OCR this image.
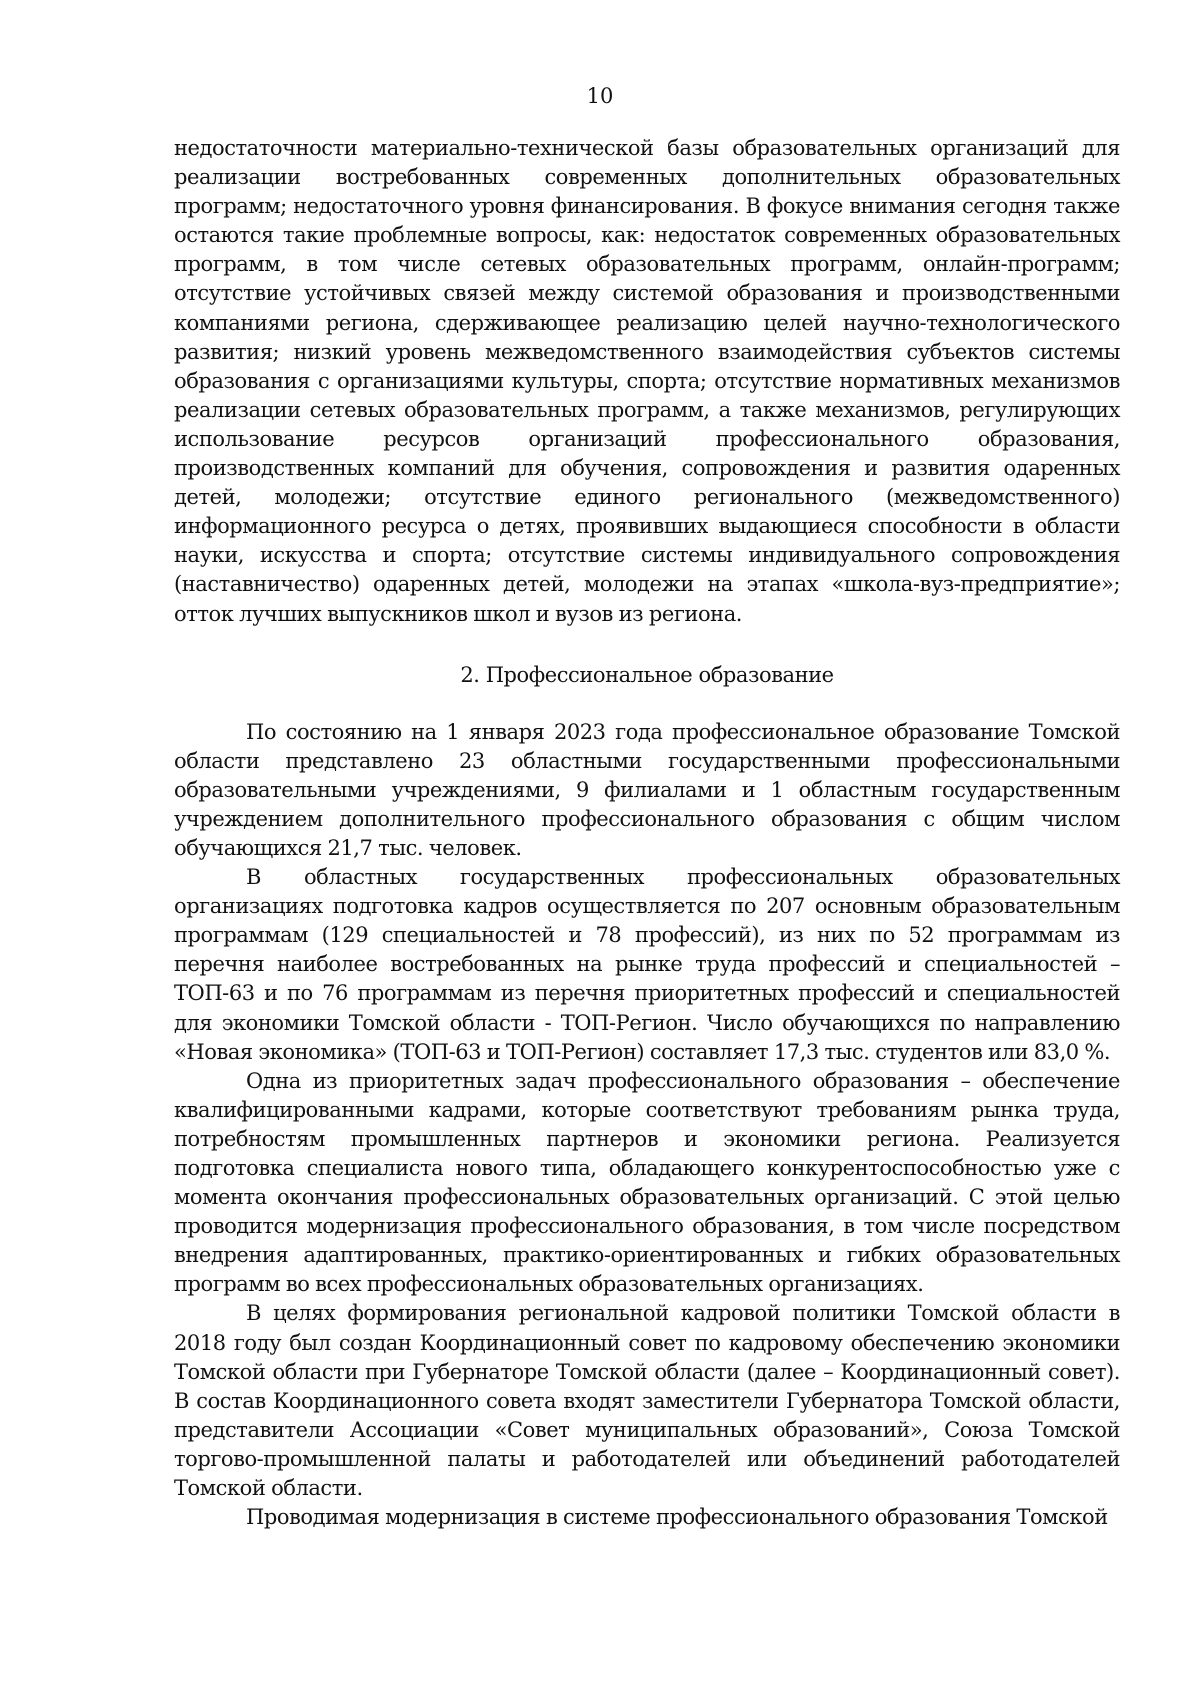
10

недостаточности материально-технической базы образовательных организаций для реализации востребованных современных дополнительных образовательных программ; недостаточного уровня финансирования. В фокусе внимания сегодня также остаются такие проблемные вопросы, как: недостаток современных образовательных программ, в том числе сетевых образовательных программ, онлайн-программ; отсутствие устойчивых связей между системой образования и производственными компаниями региона, сдерживающее реализацию целей научно-технологического развития; низкий уровень межведомственного взаимодействия субъектов системы образования с организациями культуры, спорта; отсутствие нормативных механизмов реализации сетевых образовательных программ, а также механизмов, регулирующих использование ресурсов организаций профессионального образования, производственных компаний для обучения, сопровождения и развития одаренных детей, молодежи; отсутствие единого регионального (межведомственного) информационного ресурса о детях, проявивших выдающиеся способности в области науки, искусства и спорта; отсутствие системы индивидуального сопровождения (наставничество) одаренных детей, молодежи на этапах «школа-вуз-предприятие»; отток лучших выпускников школ и вузов из региона.

2. Профессиональное образование

По состоянию на 1 января 2023 года профессиональное образование Томской области представлено 23 областными государственными профессиональными образовательными учреждениями, 9 филиалами и 1 областным государственным учреждением дополнительного профессионального образования с общим числом обучающихся 21,7 тыс. человек.

В областных государственных профессиональных образовательных организациях подготовка кадров осуществляется по 207 основным образовательным программам (129 специальностей и 78 профессий), из них по 52 программам из перечня наиболее востребованных на рынке труда профессий и специальностей – ТОП-63 и по 76 программам из перечня приоритетных профессий и специальностей для экономики Томской области - ТОП-Регион. Число обучающихся по направлению «Новая экономика» (ТОП-63 и ТОП-Регион) составляет 17,3 тыс. студентов или 83,0 %.

Одна из приоритетных задач профессионального образования – обеспечение квалифицированными кадрами, которые соответствуют требованиям рынка труда, потребностям промышленных партнеров и экономики региона. Реализуется подготовка специалиста нового типа, обладающего конкурентоспособностью уже с момента окончания профессиональных образовательных организаций. С этой целью проводится модернизация профессионального образования, в том числе посредством внедрения адаптированных, практико-ориентированных и гибких образовательных программ во всех профессиональных образовательных организациях.

В целях формирования региональной кадровой политики Томской области в 2018 году был создан Координационный совет по кадровому обеспечению экономики Томской области при Губернаторе Томской области (далее – Координационный совет). В состав Координационного совета входят заместители Губернатора Томской области, представители Ассоциации «Совет муниципальных образований», Союза Томской торгово-промышленной палаты и работодателей или объединений работодателей Томской области.

Проводимая модернизация в системе профессионального образования Томской
